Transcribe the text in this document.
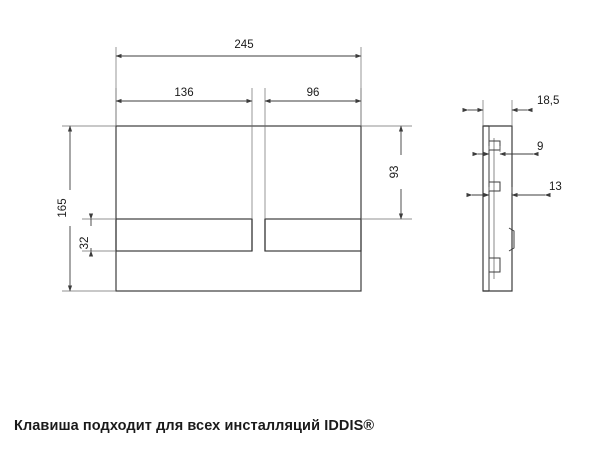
245
136	96
165
32
93
18,5
9
13
Клавиша подходит для всех инсталляций IDDIS®
